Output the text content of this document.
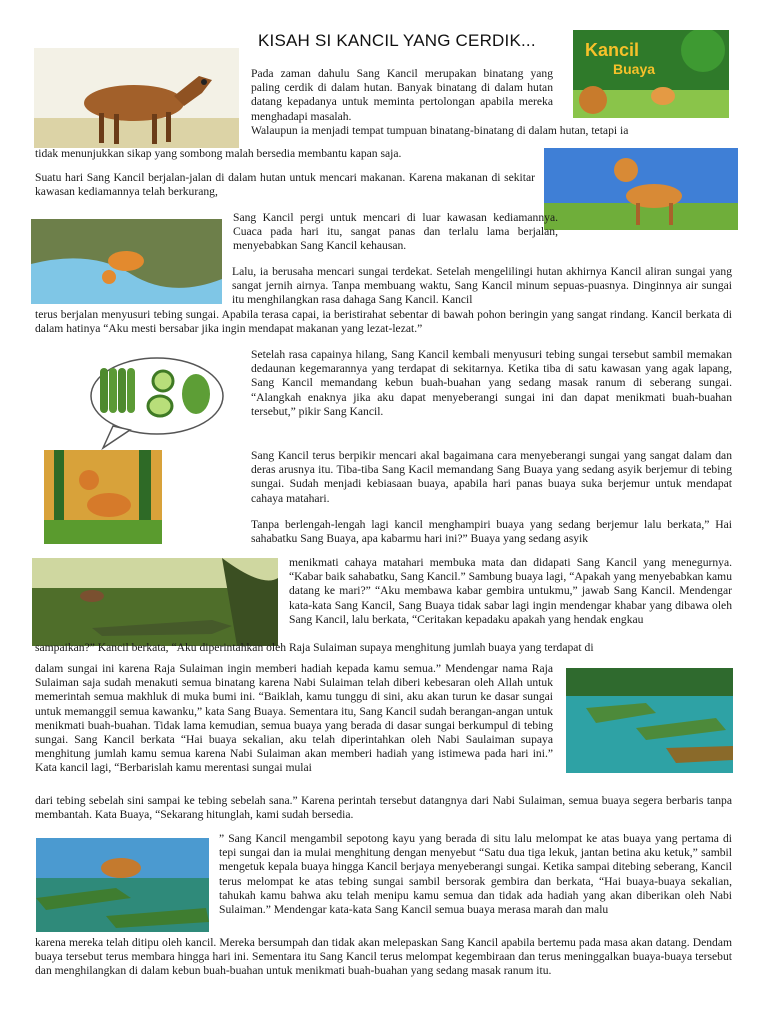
KISAH SI KANCIL YANG CERDIK...	Kancil
Buaya

Pada zaman dahulu Sang Kancil merupakan binatang yang paling cerdik di dalam hutan. Banyak binatang di dalam hutan datang kepadanya untuk meminta pertolongan apabila mereka menghadapi masalah.

Walaupun ia menjadi tempat tumpuan binatang-binatang di dalam hutan, tetapi ia

tidak menunjukkan sikap yang sombong malah bersedia membantu kapan saja.

Suatu hari Sang Kancil berjalan-jalan di dalam hutan untuk mencari makanan. Karena makanan di sekitar kawasan kediamannya telah berkurang,

Sang Kancil pergi untuk mencari di luar kawasan kediamannya. Cuaca pada hari itu, sangat panas dan terlalu lama berjalan, menyebabkan Sang Kancil kehausan.

Lalu, ia berusaha mencari sungai terdekat. Setelah mengelilingi hutan akhirnya Kancil aliran sungai yang sangat jernih airnya. Tanpa membuang waktu, Sang Kancil minum sepuas-puasnya. Dinginnya air sungai itu menghilangkan rasa dahaga Sang Kancil. Kancil

terus berjalan menyusuri tebing sungai. Apabila terasa capai, ia beristirahat sebentar di bawah pohon beringin yang sangat rindang. Kancil berkata di dalam hatinya “Aku mesti bersabar jika ingin mendapat makanan yang lezat-lezat.”

Setelah rasa capainya hilang, Sang Kancil kembali menyusuri tebing sungai tersebut sambil memakan dedaunan kegemarannya yang terdapat di sekitarnya. Ketika tiba di satu kawasan yang agak lapang, Sang Kancil memandang kebun buah-buahan yang sedang masak ranum di seberang sungai. “Alangkah enaknya jika aku dapat menyeberangi sungai ini dan dapat menikmati buah-buahan tersebut,” pikir Sang Kancil.

Sang Kancil terus berpikir mencari akal bagaimana cara menyeberangi sungai yang sangat dalam dan deras arusnya itu. Tiba-tiba Sang Kacil memandang Sang Buaya yang sedang asyik berjemur di tebing sungai. Sudah menjadi kebiasaan buaya, apabila hari panas buaya suka berjemur untuk mendapat cahaya matahari.

Tanpa berlengah-lengah lagi kancil menghampiri buaya yang sedang berjemur lalu berkata,” Hai sahabatku Sang Buaya, apa kabarmu hari ini?” Buaya yang sedang asyik

menikmati cahaya matahari membuka mata dan didapati Sang Kancil yang menegurnya. “Kabar baik sahabatku, Sang Kancil.” Sambung buaya lagi, “Apakah yang menyebabkan kamu datang ke mari?” “Aku membawa kabar gembira untukmu,” jawab Sang Kancil. Mendengar kata-kata Sang Kancil, Sang Buaya tidak sabar lagi ingin mendengar khabar yang dibawa oleh Sang Kancil, lalu berkata, “Ceritakan kepadaku apakah yang hendak engkau

sampaikan?” Kancil berkata, “Aku diperintahkan oleh Raja Sulaiman supaya menghitung jumlah buaya yang terdapat di

dalam sungai ini karena Raja Sulaiman ingin memberi hadiah kepada kamu semua.” Mendengar nama Raja Sulaiman saja sudah menakuti semua binatang karena Nabi Sulaiman telah diberi kebesaran oleh Allah untuk memerintah semua makhluk di muka bumi ini. “Baiklah, kamu tunggu di sini, aku akan turun ke dasar sungai untuk memanggil semua kawanku,” kata Sang Buaya. Sementara itu, Sang Kancil sudah berangan-angan untuk menikmati buah-buahan. Tidak lama kemudian, semua buaya yang berada di dasar sungai berkumpul di tebing sungai. Sang Kancil berkata “Hai buaya sekalian, aku telah diperintahkan oleh Nabi Saulaiman supaya menghitung jumlah kamu semua karena Nabi Sulaiman akan memberi hadiah yang istimewa pada hari ini.” Kata kancil lagi, “Berbarislah kamu merentasi sungai mulai

dari tebing sebelah sini sampai ke tebing sebelah sana.” Karena perintah tersebut datangnya dari Nabi Sulaiman, semua buaya segera berbaris tanpa membantah. Kata Buaya, “Sekarang hitunglah, kami sudah bersedia.

” Sang Kancil mengambil sepotong kayu yang berada di situ lalu melompat ke atas buaya yang pertama di tepi sungai dan ia mulai menghitung dengan menyebut “Satu dua tiga lekuk, jantan betina aku ketuk,” sambil mengetuk kepala buaya hingga Kancil berjaya menyeberangi sungai. Ketika sampai ditebing seberang, Kancil terus melompat ke atas tebing sungai sambil bersorak gembira dan berkata, “Hai buaya-buaya sekalian, tahukah kamu bahwa aku telah menipu kamu semua dan tidak ada hadiah yang akan diberikan oleh Nabi Sulaiman.” Mendengar kata-kata Sang Kancil semua buaya merasa marah dan malu

karena mereka telah ditipu oleh kancil. Mereka bersumpah dan tidak akan melepaskan Sang Kancil apabila bertemu pada masa akan datang. Dendam buaya tersebut terus membara hingga hari ini. Sementara itu Sang Kancil terus melompat kegembiraan dan terus meninggalkan buaya-buaya tersebut dan menghilangkan di dalam kebun buah-buahan untuk menikmati buah-buahan yang sedang masak ranum itu.
